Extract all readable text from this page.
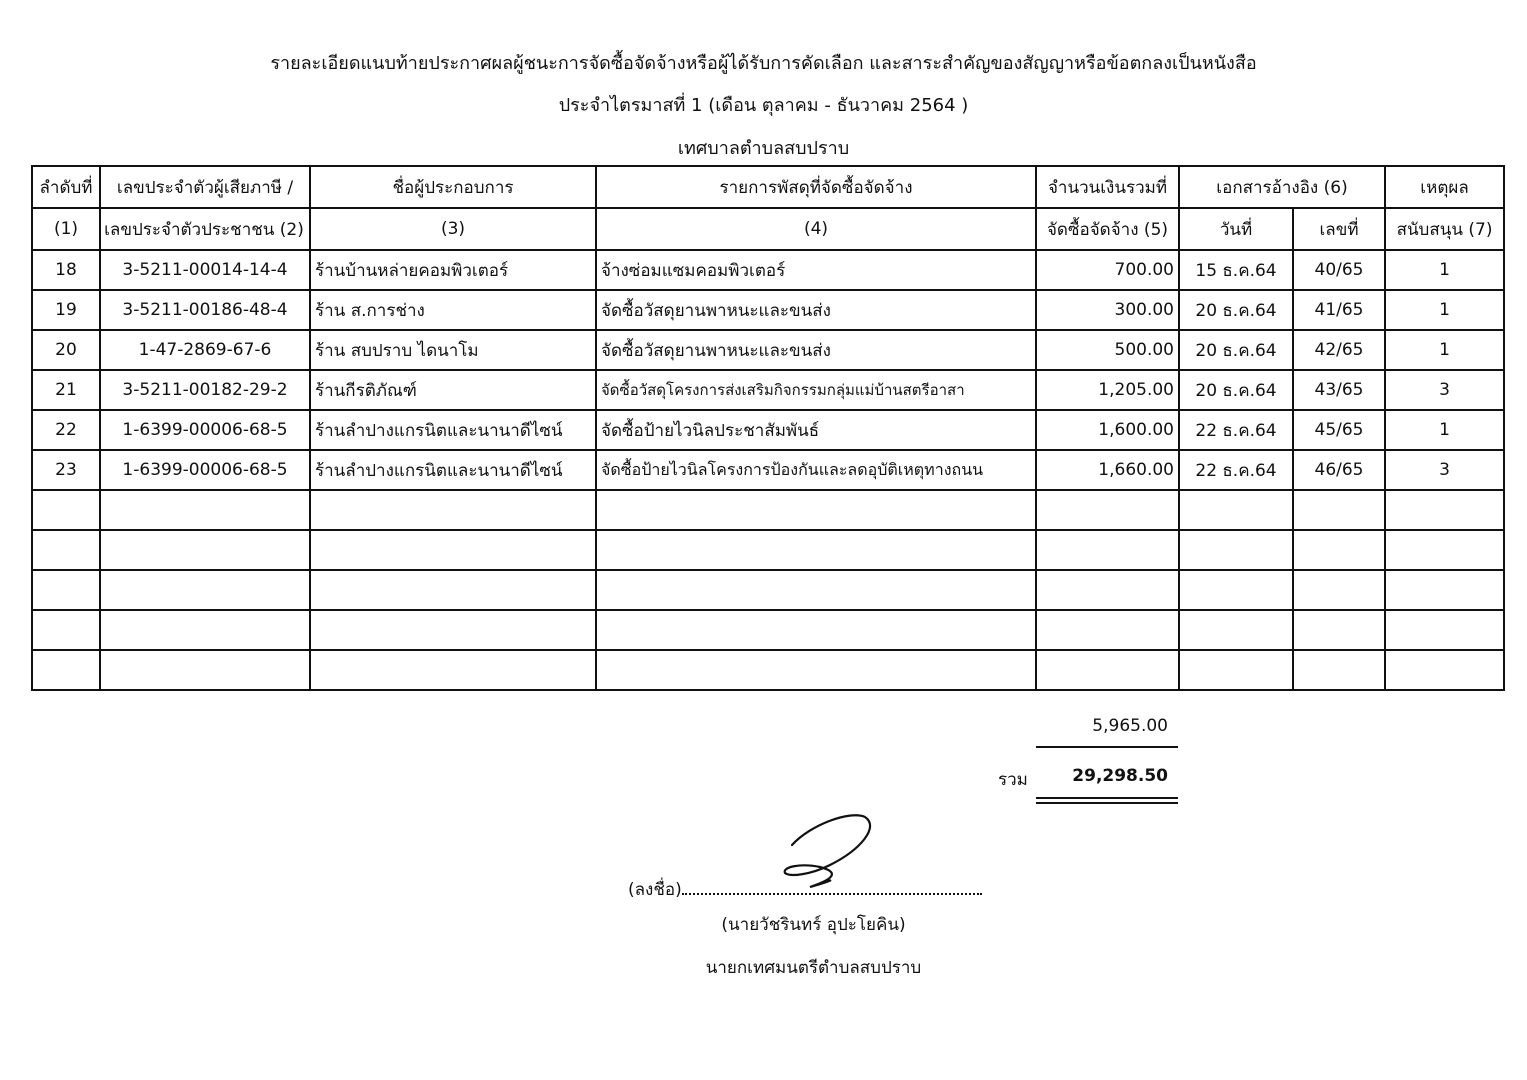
รายละเอียดแนบท้ายประกาศผลผู้ชนะการจัดซื้อจัดจ้างหรือผู้ได้รับการคัดเลือก และสาระสำคัญของสัญญาหรือข้อตกลงเป็นหนังสือ
ประจำไตรมาสที่ 1 (เดือน ตุลาคม - ธันวาคม 2564 )
เทศบาลตำบลสบปราบ
ลำดับที่	เลขประจำตัวผู้เสียภาษี /	ชื่อผู้ประกอบการ	รายการพัสดุที่จัดซื้อจัดจ้าง	จำนวนเงินรวมที่	เอกสารอ้างอิง (6)		เหตุผล
(1)	เลขประจำตัวประชาชน (2)	(3)	(4)	จัดซื้อจัดจ้าง (5)	วันที่	เลขที่	สนับสนุน (7)
18	3-5211-00014-14-4	ร้านบ้านหล่ายคอมพิวเตอร์	จ้างซ่อมแซมคอมพิวเตอร์	700.00	15 ธ.ค.64	40/65	1
19	3-5211-00186-48-4	ร้าน ส.การช่าง	จัดซื้อวัสดุยานพาหนะและขนส่ง	300.00	20 ธ.ค.64	41/65	1
20	1-47-2869-67-6	ร้าน สบปราบ ไดนาโม	จัดซื้อวัสดุยานพาหนะและขนส่ง	500.00	20 ธ.ค.64	42/65	1
21	3-5211-00182-29-2	ร้านกีรติภัณฑ์	จัดซื้อวัสดุโครงการส่งเสริมกิจกรรมกลุ่มแม่บ้านสตรีอาสา	1,205.00	20 ธ.ค.64	43/65	3
22	1-6399-00006-68-5	ร้านลำปางแกรนิตและนานาดีไซน์	จัดซื้อป้ายไวนิลประชาสัมพันธ์	1,600.00	22 ธ.ค.64	45/65	1
23	1-6399-00006-68-5	ร้านลำปางแกรนิตและนานาดีไซน์	จัดซื้อป้ายไวนิลโครงการป้องกันและลดอุบัติเหตุทางถนน	1,660.00	22 ธ.ค.64	46/65	3

5,965.00
รวม	29,298.50
(ลงชื่อ)
(นายวัชรินทร์ อุปะโยคิน)
นายกเทศมนตรีตำบลสบปราบ
